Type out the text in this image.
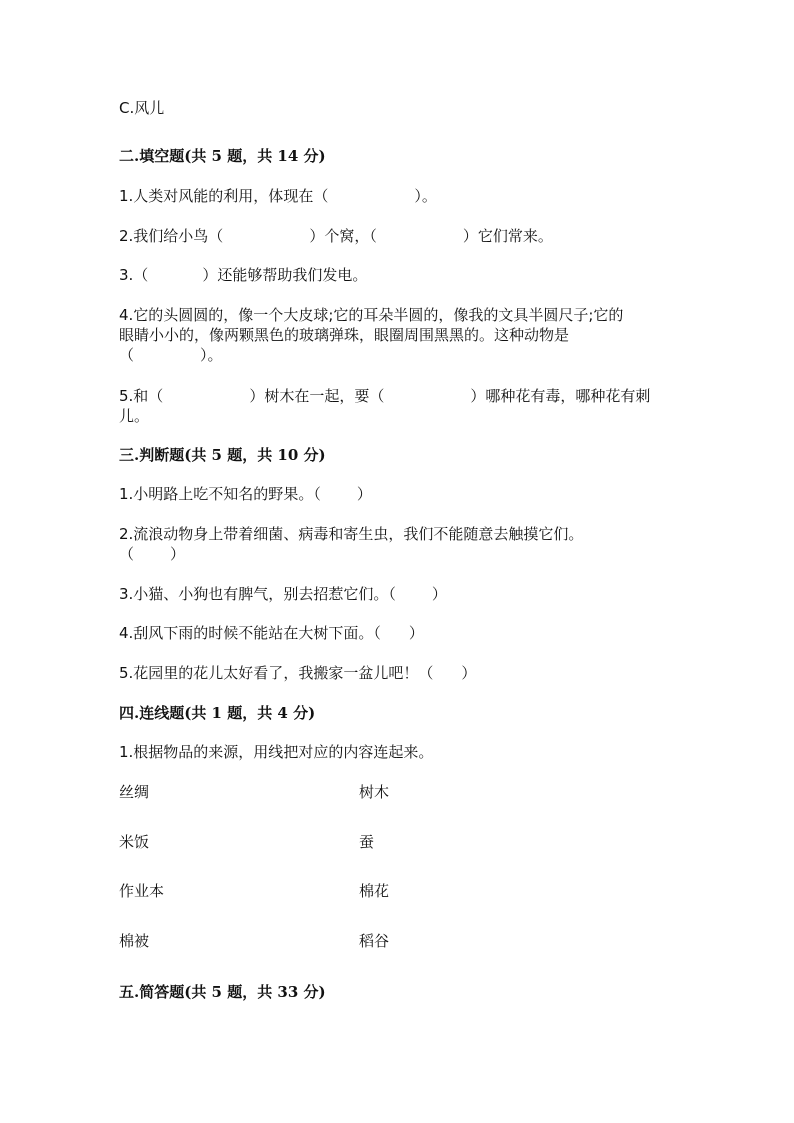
C.风儿
二.填空题(共 5 题，共 14 分)
1.人类对风能的利用，体现在（	）。
2.我们给小鸟（	）个窝，（	）它们常来。
3.（	）还能够帮助我们发电。
4.它的头圆圆的，像一个大皮球;它的耳朵半圆的，像我的文具半圆尺子;它的
眼睛小小的，像两颗黑色的玻璃弹珠，眼圈周围黑黑的。这种动物是
（	）。
5.和（	）树木在一起，要（	）哪种花有毒，哪种花有刺
儿。
三.判断题(共 5 题，共 10 分)
1.小明路上吃不知名的野果。（ ）
2.流浪动物身上带着细菌、病毒和寄生虫，我们不能随意去触摸它们。
（ ）
3.小猫、小狗也有脾气，别去招惹它们。（ ）
4.刮风下雨的时候不能站在大树下面。（ ）
5.花园里的花儿太好看了，我搬家一盆儿吧！（ ）
四.连线题(共 1 题，共 4 分)
1.根据物品的来源，用线把对应的内容连起来。
丝绸	树木
米饭	蚕
作业本	棉花
棉被	稻谷
五.简答题(共 5 题，共 33 分)
